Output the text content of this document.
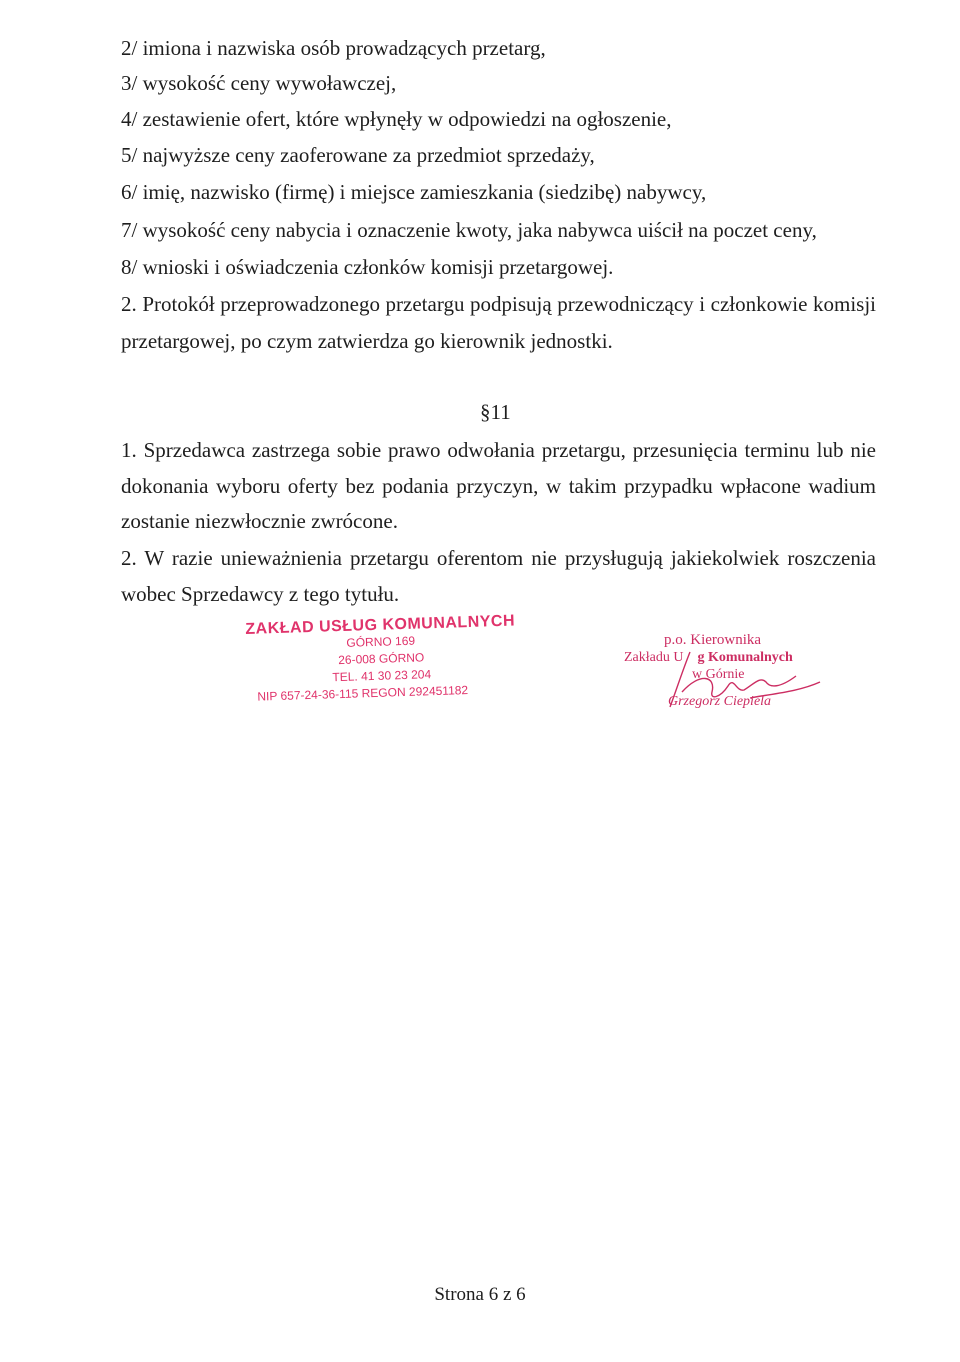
2/ imiona i nazwiska osób prowadzących przetarg,
3/ wysokość ceny wywoławczej,
4/ zestawienie ofert, które wpłynęły w odpowiedzi na ogłoszenie,
5/ najwyższe ceny zaoferowane za przedmiot sprzedaży,
6/ imię, nazwisko (firmę) i miejsce zamieszkania (siedzibę) nabywcy,
7/ wysokość ceny nabycia i oznaczenie kwoty, jaka nabywca uiścił na poczet ceny,
8/ wnioski i oświadczenia członków komisji przetargowej.
2. Protokół przeprowadzonego przetargu podpisują przewodniczący i członkowie komisji
przetargowej, po czym zatwierdza go kierownik jednostki.
§11
1. Sprzedawca zastrzega sobie prawo odwołania przetargu, przesunięcia terminu lub nie
dokonania wyboru oferty bez podania przyczyn, w takim przypadku wpłacone wadium
zostanie niezwłocznie zwrócone.
2. W razie unieważnienia przetargu oferentom nie przysługują jakiekolwiek roszczenia
wobec Sprzedawcy z tego tytułu.
ZAKŁAD USŁUG KOMUNALNYCH
GÓRNO 169
26-008 GÓRNO
TEL. 41 30 23 204
NIP 657-24-36-115 REGON 292451182
p.o. Kierownika
Zakładu U g Komunalnych
w Górnie
Grzegorz Ciepiela
Strona 6 z 6
